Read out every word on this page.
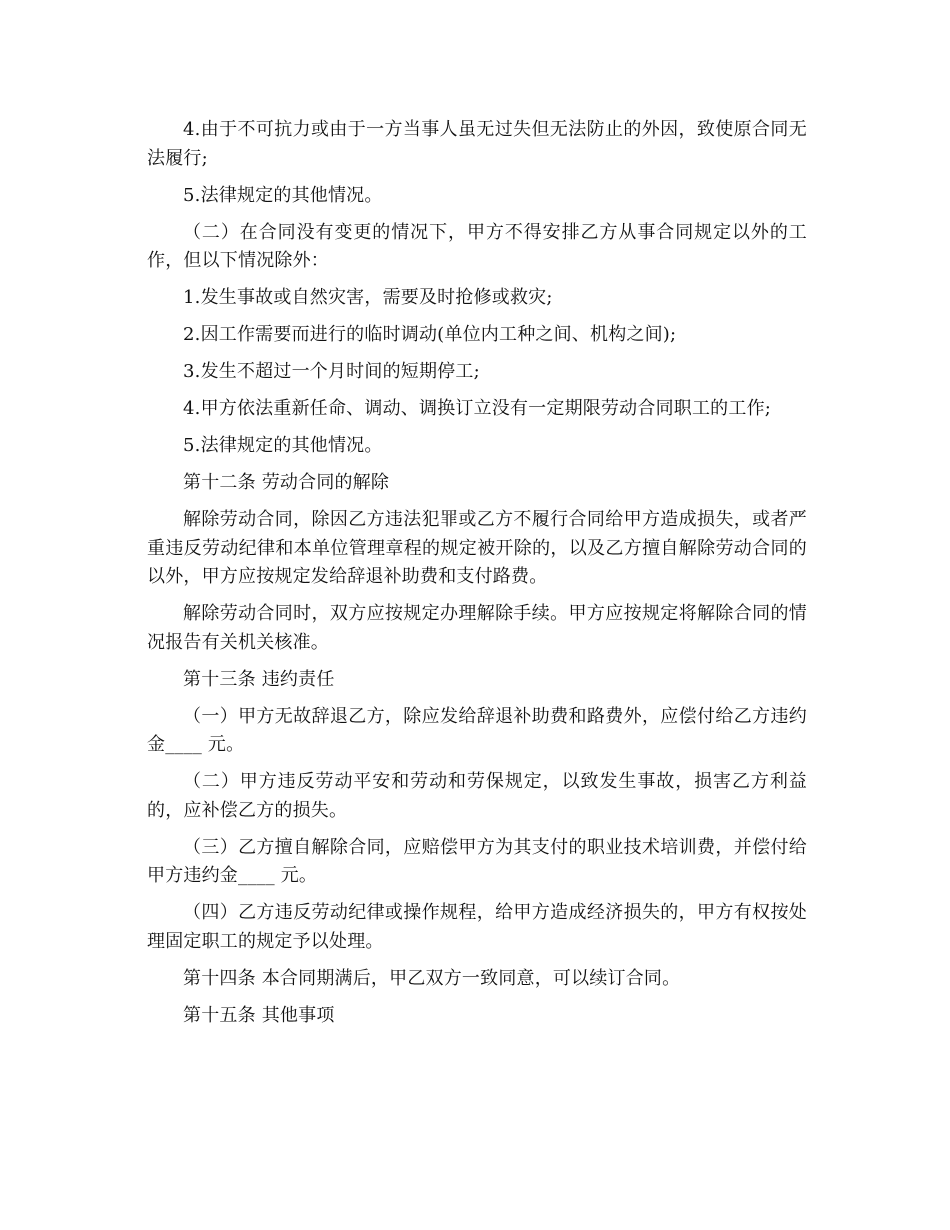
4.由于不可抗力或由于一方当事人虽无过失但无法防止的外因，致使原合同无法履行;

5.法律规定的其他情况。

（二）在合同没有变更的情况下，甲方不得安排乙方从事合同规定以外的工作，但以下情况除外：

1.发生事故或自然灾害，需要及时抢修或救灾;

2.因工作需要而进行的临时调动(单位内工种之间、机构之间);

3.发生不超过一个月时间的短期停工;

4.甲方依法重新任命、调动、调换订立没有一定期限劳动合同职工的工作;

5.法律规定的其他情况。

第十二条 劳动合同的解除

解除劳动合同，除因乙方违法犯罪或乙方不履行合同给甲方造成损失，或者严重违反劳动纪律和本单位管理章程的规定被开除的，以及乙方擅自解除劳动合同的以外，甲方应按规定发给辞退补助费和支付路费。

解除劳动合同时，双方应按规定办理解除手续。甲方应按规定将解除合同的情况报告有关机关核准。

第十三条 违约责任

（一）甲方无故辞退乙方，除应发给辞退补助费和路费外，应偿付给乙方违约金____ 元。

（二）甲方违反劳动平安和劳动和劳保规定，以致发生事故，损害乙方利益的，应补偿乙方的损失。

（三）乙方擅自解除合同，应赔偿甲方为其支付的职业技术培训费，并偿付给甲方违约金____ 元。

（四）乙方违反劳动纪律或操作规程，给甲方造成经济损失的，甲方有权按处理固定职工的规定予以处理。

第十四条 本合同期满后，甲乙双方一致同意，可以续订合同。

第十五条 其他事项
